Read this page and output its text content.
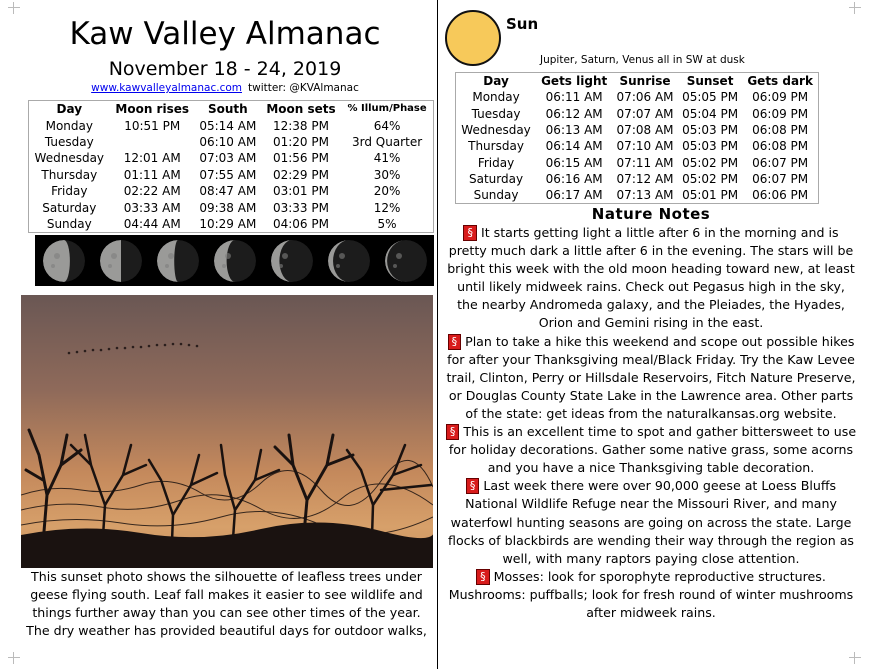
Kaw Valley Almanac
November 18 - 24, 2019
www.kawvalleyalmanac.com twitter: @KVAlmanac
Day	Moon rises	South	Moon sets	% Illum/Phase
Monday	10:51 PM	05:14 AM	12:38 PM	64%
Tuesday		06:10 AM	01:20 PM	3rd Quarter
Wednesday	12:01 AM	07:03 AM	01:56 PM	41%
Thursday	01:11 AM	07:55 AM	02:29 PM	30%
Friday	02:22 AM	08:47 AM	03:01 PM	20%
Saturday	03:33 AM	09:38 AM	03:33 PM	12%
Sunday	04:44 AM	10:29 AM	04:06 PM	5%
This sunset photo shows the silhouette of leafless trees under geese flying south. Leaf fall makes it easier to see wildlife and things further away than you can see other times of the year. The dry weather has provided beautiful days for outdoor walks,
Sun
Jupiter, Saturn, Venus all in SW at dusk
Day	Gets light	Sunrise	Sunset	Gets dark
Monday	06:11 AM	07:06 AM	05:05 PM	06:09 PM
Tuesday	06:12 AM	07:07 AM	05:04 PM	06:09 PM
Wednesday	06:13 AM	07:08 AM	05:03 PM	06:08 PM
Thursday	06:14 AM	07:10 AM	05:03 PM	06:08 PM
Friday	06:15 AM	07:11 AM	05:02 PM	06:07 PM
Saturday	06:16 AM	07:12 AM	05:02 PM	06:07 PM
Sunday	06:17 AM	07:13 AM	05:01 PM	06:06 PM
Nature Notes

§ It starts getting light a little after 6 in the morning and is pretty much dark a little after 6 in the evening. The stars will be bright this week with the old moon heading toward new, at least until likely midweek rains. Check out Pegasus high in the sky, the nearby Andromeda galaxy, and the Pleiades, the Hyades, Orion and Gemini rising in the east.

§ Plan to take a hike this weekend and scope out possible hikes for after your Thanksgiving meal/Black Friday. Try the Kaw Levee trail, Clinton, Perry or Hillsdale Reservoirs, Fitch Nature Preserve, or Douglas County State Lake in the Lawrence area. Other parts of the state: get ideas from the naturalkansas.org website.

§ This is an excellent time to spot and gather bittersweet to use for holiday decorations. Gather some native grass, some acorns and you have a nice Thanksgiving table decoration.

§ Last week there were over 90,000 geese at Loess Bluffs National Wildlife Refuge near the Missouri River, and many waterfowl hunting seasons are going on across the state. Large flocks of blackbirds are wending their way through the region as well, with many raptors paying close attention.

§ Mosses: look for sporophyte reproductive structures. Mushrooms: puffballs; look for fresh round of winter mushrooms after midweek rains.
